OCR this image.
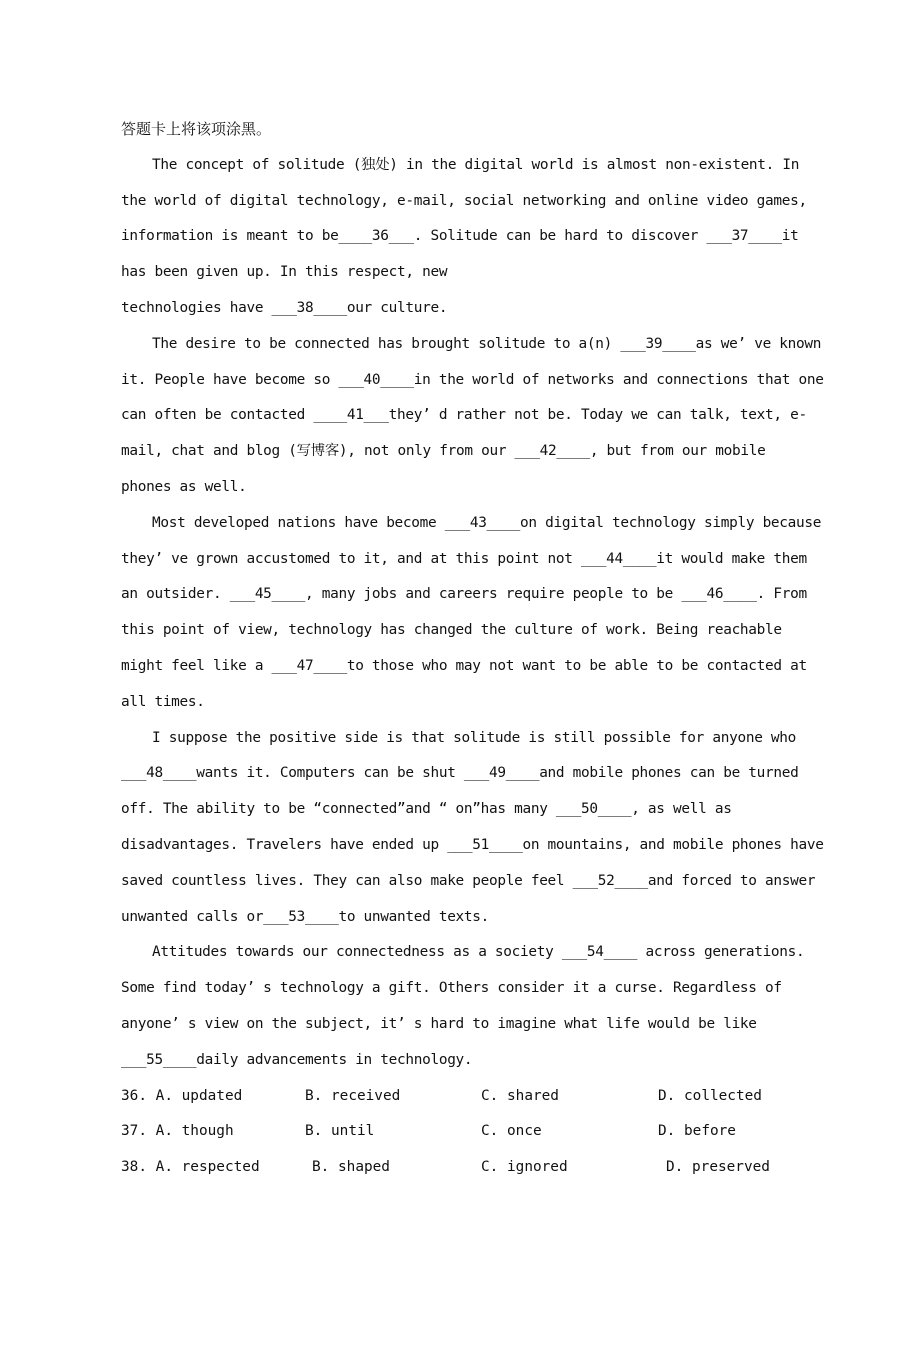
答题卡上将该项涂黑。
The concept of solitude (独处) in the digital world is almost non-existent. In
the world of digital technology, e-mail, social networking and online video games,
information is meant to be____36___. Solitude can be hard to discover ___37____it
has been given up. In this respect, new
technologies have ___38____our culture.
The desire to be connected has brought solitude to a(n) ___39____as we’ ve known
it. People have become so ___40____in the world of networks and connections that one
can often be contacted ____41___they’ d rather not be. Today we can talk, text, e-
mail, chat and blog (写博客), not only from our ___42____, but from our mobile
phones as well.
Most developed nations have become ___43____on digital technology simply because
they’ ve grown accustomed to it, and at this point not ___44____it would make them
an outsider. ___45____, many jobs and careers require people to be ___46____. From
this point of view, technology has changed the culture of work. Being reachable
might feel like a ___47____to those who may not want to be able to be contacted at
all times.
I suppose the positive side is that solitude is still possible for anyone who
___48____wants it. Computers can be shut ___49____and mobile phones can be turned
off. The ability to be “connected”and “ on”has many ___50____, as well as
disadvantages. Travelers have ended up ___51____on mountains, and mobile phones have
saved countless lives. They can also make people feel ___52____and forced to answer
unwanted calls or___53____to unwanted texts.
Attitudes towards our connectedness as a society ___54____ across generations.
Some find today’ s technology a gift. Others consider it a curse. Regardless of
anyone’ s view on the subject, it’ s hard to imagine what life would be like
___55____daily advancements in technology.

36. A. updated

	B. received

	C. shared

	D. collected

37. A. though

	B. until

	C. once

	D. before

38. A. respected

	B. shaped

	C. ignored

	D. preserved
